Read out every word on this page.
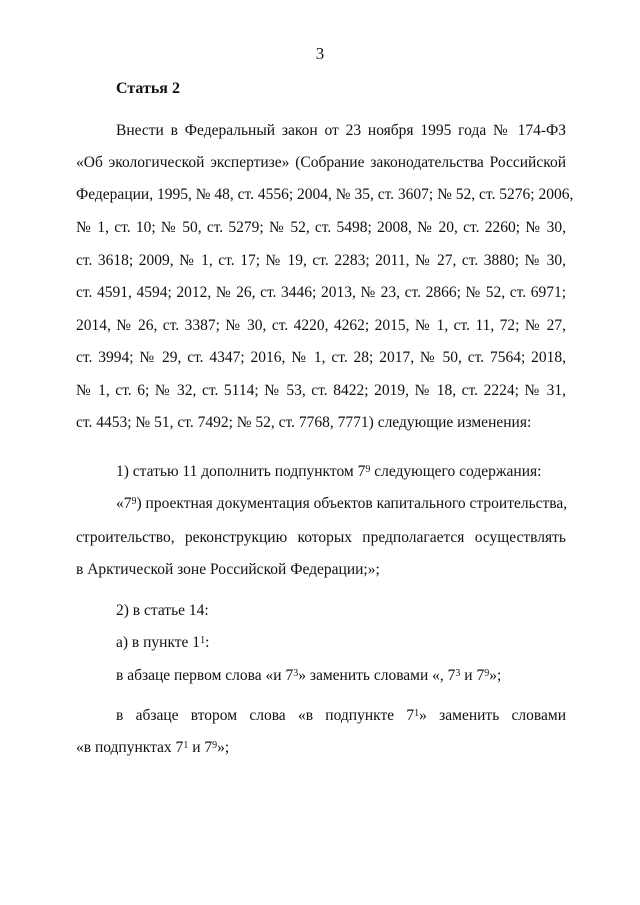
3
Статья 2
Внести в Федеральный закон от 23 ноября 1995 года № 174-ФЗ
«Об экологической экспертизе» (Собрание законодательства Российской
Федерации, 1995, № 48, ст. 4556; 2004, № 35, ст. 3607; № 52, ст. 5276; 2006,
№ 1, ст. 10; № 50, ст. 5279; № 52, ст. 5498; 2008, № 20, ст. 2260; № 30,
ст. 3618; 2009, № 1, ст. 17; № 19, ст. 2283; 2011, № 27, ст. 3880; № 30,
ст. 4591, 4594; 2012, № 26, ст. 3446; 2013, № 23, ст. 2866; № 52, ст. 6971;
2014, № 26, ст. 3387; № 30, ст. 4220, 4262; 2015, № 1, ст. 11, 72; № 27,
ст. 3994; № 29, ст. 4347; 2016, № 1, ст. 28; 2017, № 50, ст. 7564; 2018,
№ 1, ст. 6; № 32, ст. 5114; № 53, ст. 8422; 2019, № 18, ст. 2224; № 31,
ст. 4453; № 51, ст. 7492; № 52, ст. 7768, 7771) следующие изменения:
1) статью 11 дополнить подпунктом $7^9$ следующего содержания:
«$7^9$) проектная документация объектов капитального строительства,
строительство, реконструкцию которых предполагается осуществлять
в Арктической зоне Российской Федерации;»;
2) в статье 14:
а) в пункте $1^1$:
в абзаце первом слова «и $7^3$» заменить словами «, $7^3$ и $7^9$»;
в абзаце втором слова «в подпункте $7^1$» заменить словами
«в подпунктах $7^1$ и $7^9$»;
